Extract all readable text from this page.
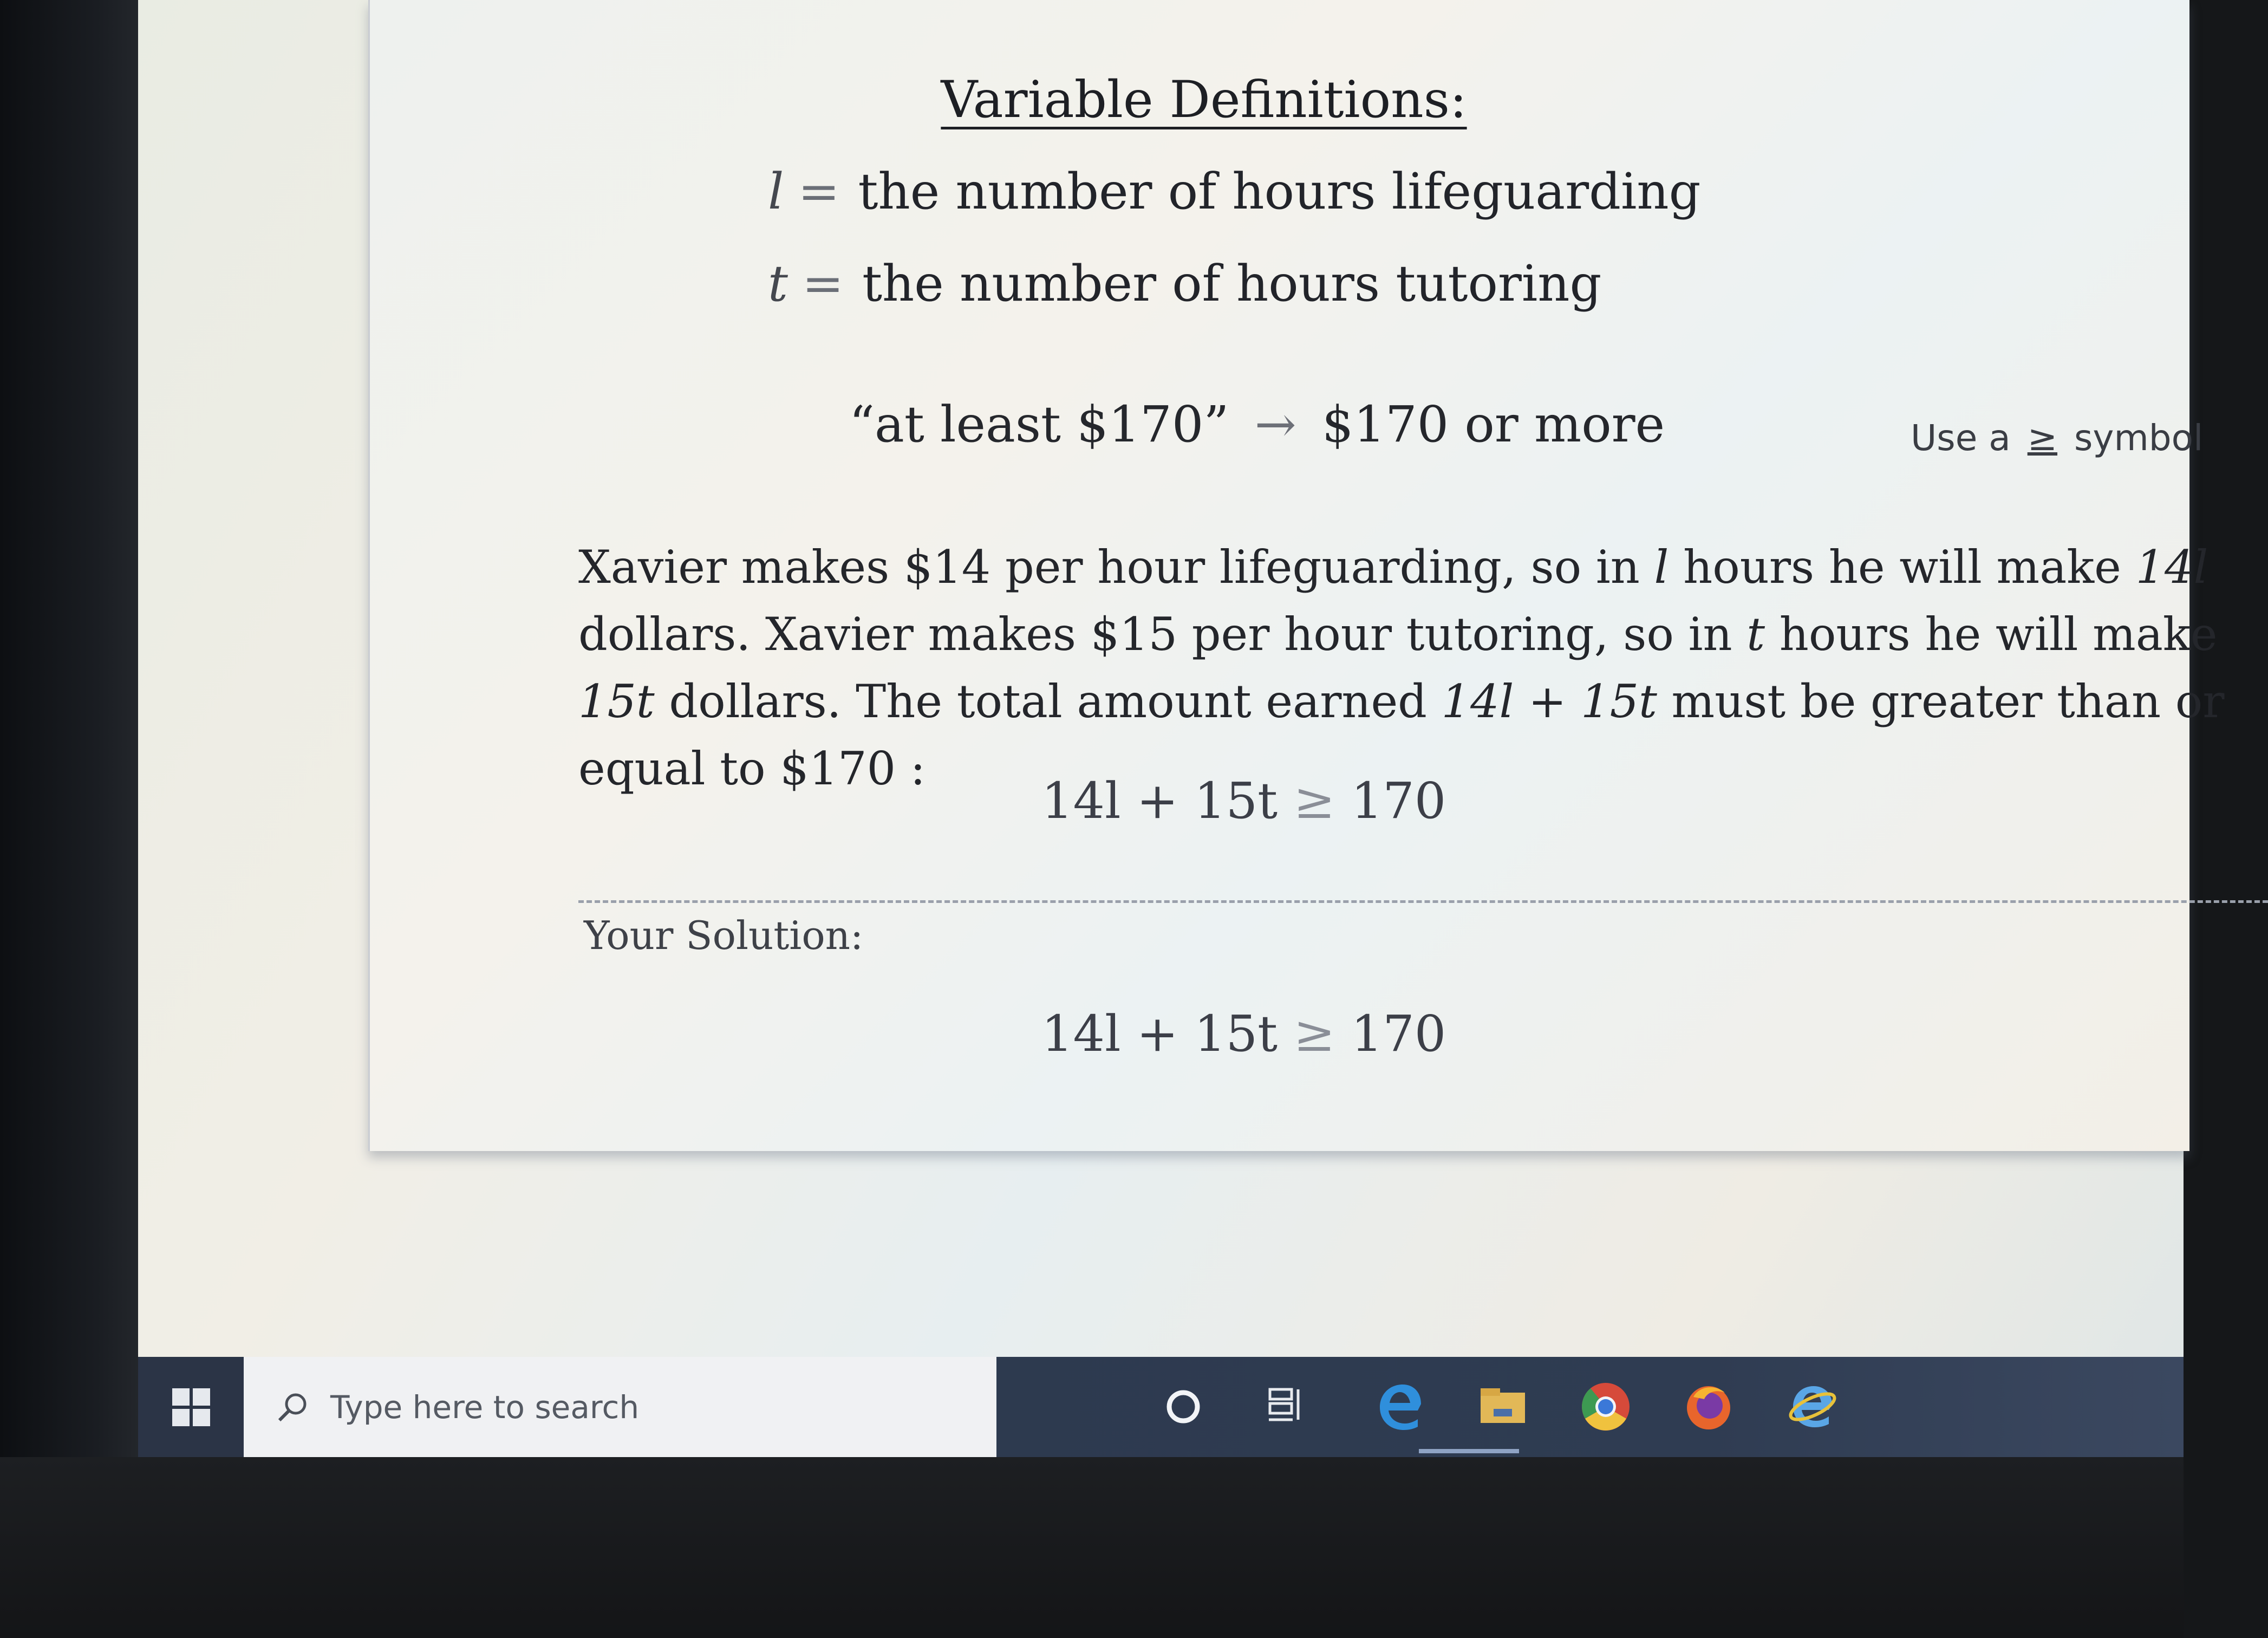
Variable Definitions:
l = the number of hours lifeguarding
t = the number of hours tutoring
“at least $170” → $170 or more	Use a ≥ symbol
Xavier makes $14 per hour lifeguarding, so in l hours he will make 14l dollars. Xavier makes $15 per hour tutoring, so in t hours he will make 15t dollars. The total amount earned 14l + 15t must be greater than or equal to $170 :
14l + 15t ≥ 170
Your Solution:
14l + 15t ≥ 170
Type here to search
